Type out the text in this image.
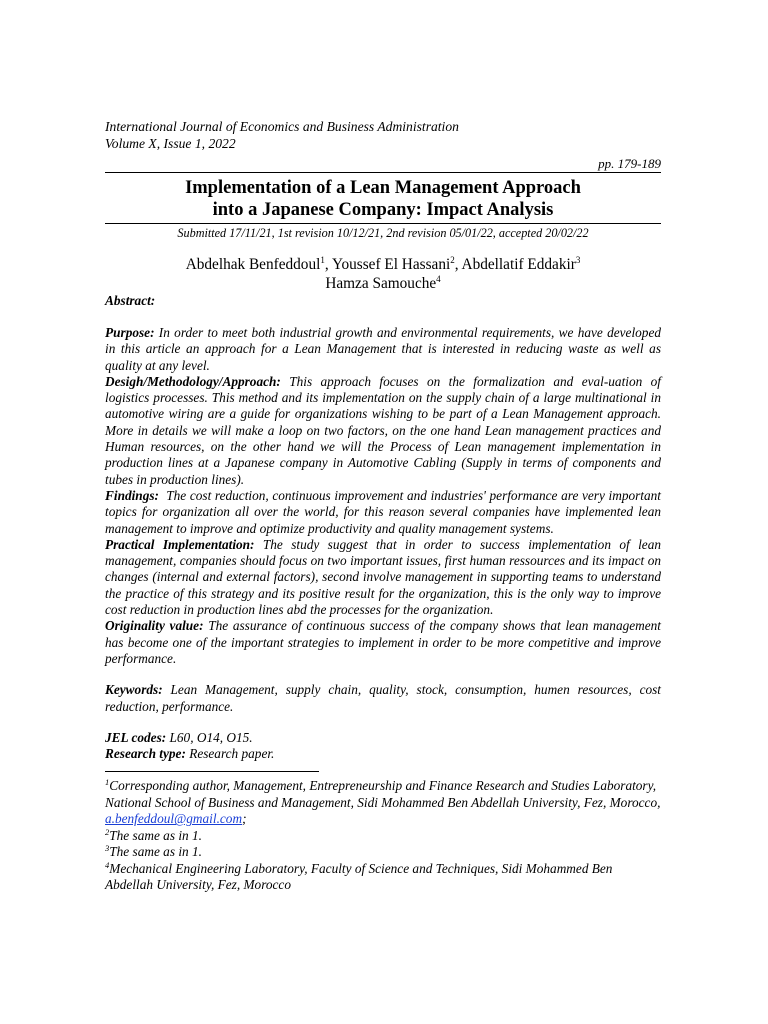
International Journal of Economics and Business Administration
Volume X, Issue 1, 2022
pp. 179-189
Implementation of a Lean Management Approach
into a Japanese Company: Impact Analysis
Submitted 17/11/21, 1st revision 10/12/21, 2nd revision 05/01/22, accepted 20/02/22
Abdelhak Benfeddoul$^1$, Youssef El Hassani$^2$, Abdellatif Eddakir$^3$
Hamza Samouche$^4$
Abstract:

Purpose: In order to meet both industrial growth and environmental requirements, we have developed in this article an approach for a Lean Management that is interested in reducing waste as well as quality at any level.

Desigh/Methodology/Approach: This approach focuses on the formalization and eval-uation of logistics processes. This method and its implementation on the supply chain of a large multinational in automotive wiring are a guide for organizations wishing to be part of a Lean Management approach. More in details we will make a loop on two factors, on the one hand Lean management practices and Human resources, on the other hand we will the Process of Lean management implementation in production lines at a Japanese company in Automotive Cabling (Supply in terms of components and tubes in production lines).

Findings:  The cost reduction, continuous improvement and industries' performance are very important topics for organization all over the world, for this reason several companies have implemented lean management to improve and optimize productivity and quality management systems.

Practical Implementation: The study suggest that in order to success implementation of lean management, companies should focus on two important issues, first human ressources and its impact on changes (internal and external factors), second involve management in supporting teams to understand the practice of this strategy and its positive result for the organization, this is the only way to improve cost reduction in production lines abd the processes for the organization.

Originality value: The assurance of continuous success of the company shows that lean management has become one of the important strategies to implement in order to be more competitive and improve performance.

Keywords: Lean Management, supply chain, quality, stock, consumption, humen resources, cost reduction, performance.

JEL codes: L60, O14, O15.

Research type: Research paper.

$^1$Corresponding author, Management, Entrepreneurship and Finance Research and Studies Laboratory, National School of Business and Management, Sidi Mohammed Ben Abdellah University, Fez, Morocco, a.benfeddoul@gmail.com;
$^2$The same as in 1.
$^3$The same as in 1.
$^4$Mechanical Engineering Laboratory, Faculty of Science and Techniques, Sidi Mohammed Ben Abdellah University, Fez, Morocco
